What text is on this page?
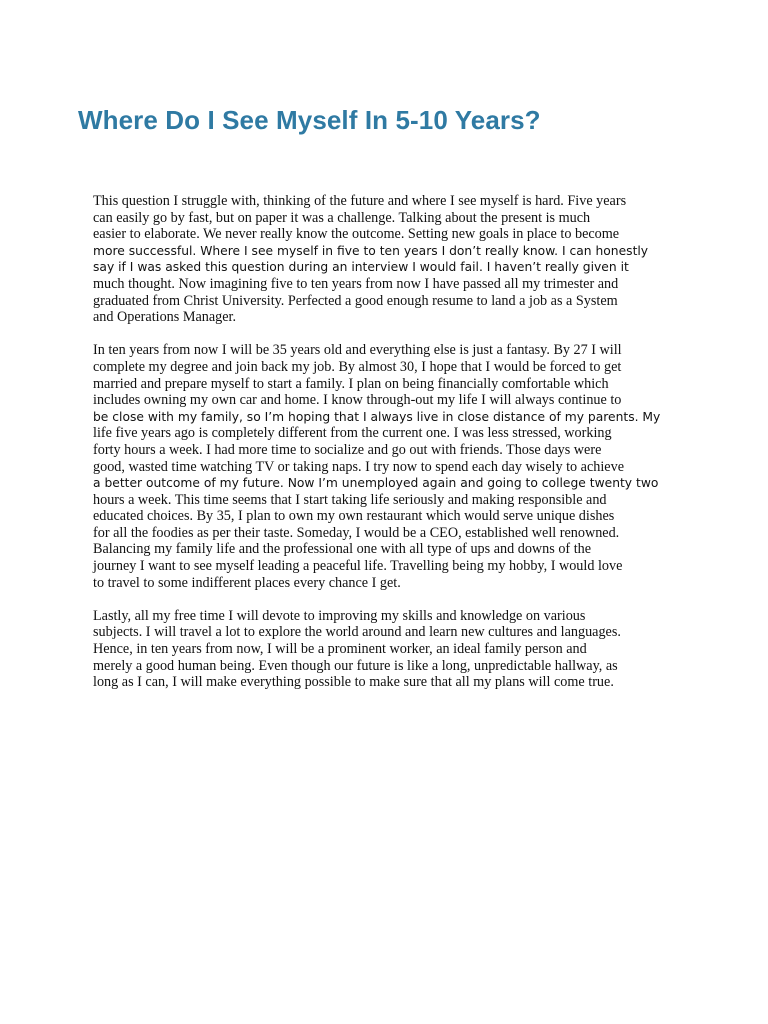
Where Do I See Myself In 5-10 Years?
This question I struggle with, thinking of the future and where I see myself is hard. Five years
can easily go by fast, but on paper it was a challenge. Talking about the present is much
easier to elaborate. We never really know the outcome. Setting new goals in place to become
more successful. Where I see myself in five to ten years I don’t really know. I can honestly
say if I was asked this question during an interview I would fail. I haven’t really given it
much thought. Now imagining five to ten years from now I have passed all my trimester and
graduated from Christ University. Perfected a good enough resume to land a job as a System
and Operations Manager.
In ten years from now I will be 35 years old and everything else is just a fantasy. By 27 I will
complete my degree and join back my job. By almost 30, I hope that I would be forced to get
married and prepare myself to start a family. I plan on being financially comfortable which
includes owning my own car and home. I know through-out my life I will always continue to
be close with my family, so I’m hoping that I always live in close distance of my parents. My
life five years ago is completely different from the current one. I was less stressed, working
forty hours a week. I had more time to socialize and go out with friends. Those days were
good, wasted time watching TV or taking naps. I try now to spend each day wisely to achieve
a better outcome of my future. Now I’m unemployed again and going to college twenty two
hours a week. This time seems that I start taking life seriously and making responsible and
educated choices. By 35, I plan to own my own restaurant which would serve unique dishes
for all the foodies as per their taste. Someday, I would be a CEO, established well renowned.
Balancing my family life and the professional one with all type of ups and downs of the
journey I want to see myself leading a peaceful life. Travelling being my hobby, I would love
to travel to some indifferent places every chance I get.
Lastly, all my free time I will devote to improving my skills and knowledge on various
subjects. I will travel a lot to explore the world around and learn new cultures and languages.
Hence, in ten years from now, I will be a prominent worker, an ideal family person and
merely a good human being. Even though our future is like a long, unpredictable hallway, as
long as I can, I will make everything possible to make sure that all my plans will come true.
